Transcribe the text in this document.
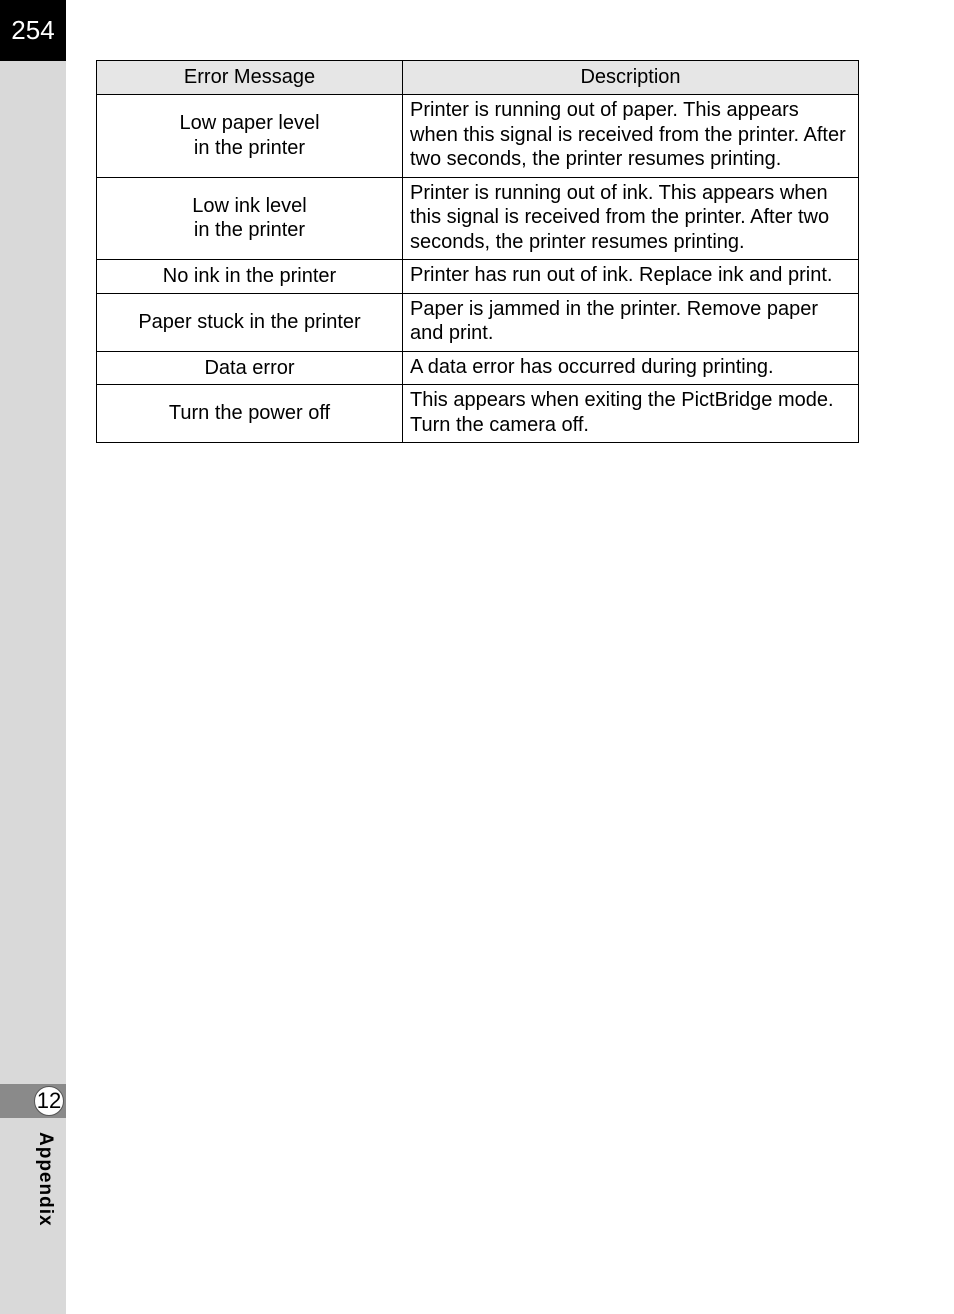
254
12
Appendix
Error Message	Description

Low paper level
in the printer	Printer is running out of paper. This appears
when this signal is received from the printer. After
two seconds, the printer resumes printing.

Low ink level
in the printer	Printer is running out of ink. This appears when
this signal is received from the printer. After two
seconds, the printer resumes printing.

No ink in the printer	Printer has run out of ink. Replace ink and print.

Paper stuck in the printer	Paper is jammed in the printer. Remove paper
and print.

Data error	A data error has occurred during printing.

Turn the power off	This appears when exiting the PictBridge mode.
Turn the camera off.
